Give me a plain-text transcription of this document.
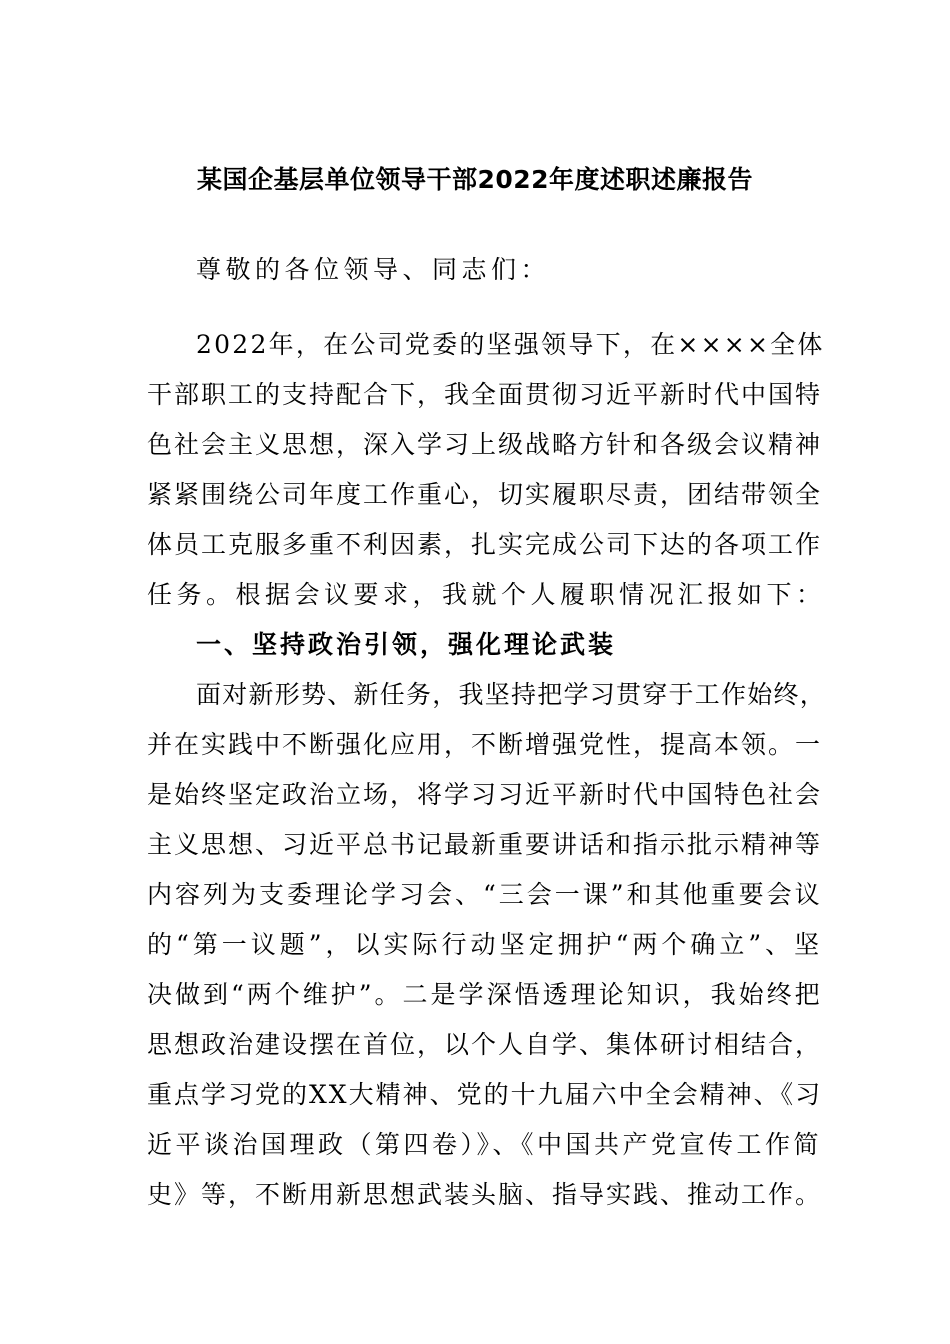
某国企基层单位领导干部2022年度述职述廉报告

尊敬的各位领导、同志们：

2022年，在公司党委的坚强领导下，在××××全体

干部职工的支持配合下，我全面贯彻习近平新时代中国特

色社会主义思想，深入学习上级战略方针和各级会议精神

紧紧围绕公司年度工作重心，切实履职尽责，团结带领全

体员工克服多重不利因素，扎实完成公司下达的各项工作

任务。根据会议要求，我就个人履职情况汇报如下：

一、坚持政治引领，强化理论武装

面对新形势、新任务，我坚持把学习贯穿于工作始终，

并在实践中不断强化应用，不断增强党性，提高本领。一

是始终坚定政治立场，将学习习近平新时代中国特色社会

主义思想、习近平总书记最新重要讲话和指示批示精神等

内容列为支委理论学习会、“三会一课”和其他重要会议

的“第一议题”，以实际行动坚定拥护“两个确立”、坚

决做到“两个维护”。二是学深悟透理论知识，我始终把

思想政治建设摆在首位，以个人自学、集体研讨相结合，

重点学习党的XX大精神、党的十九届六中全会精神、《习

近平谈治国理政（第四卷）》、《中国共产党宣传工作简

史》等，不断用新思想武装头脑、指导实践、推动工作。
